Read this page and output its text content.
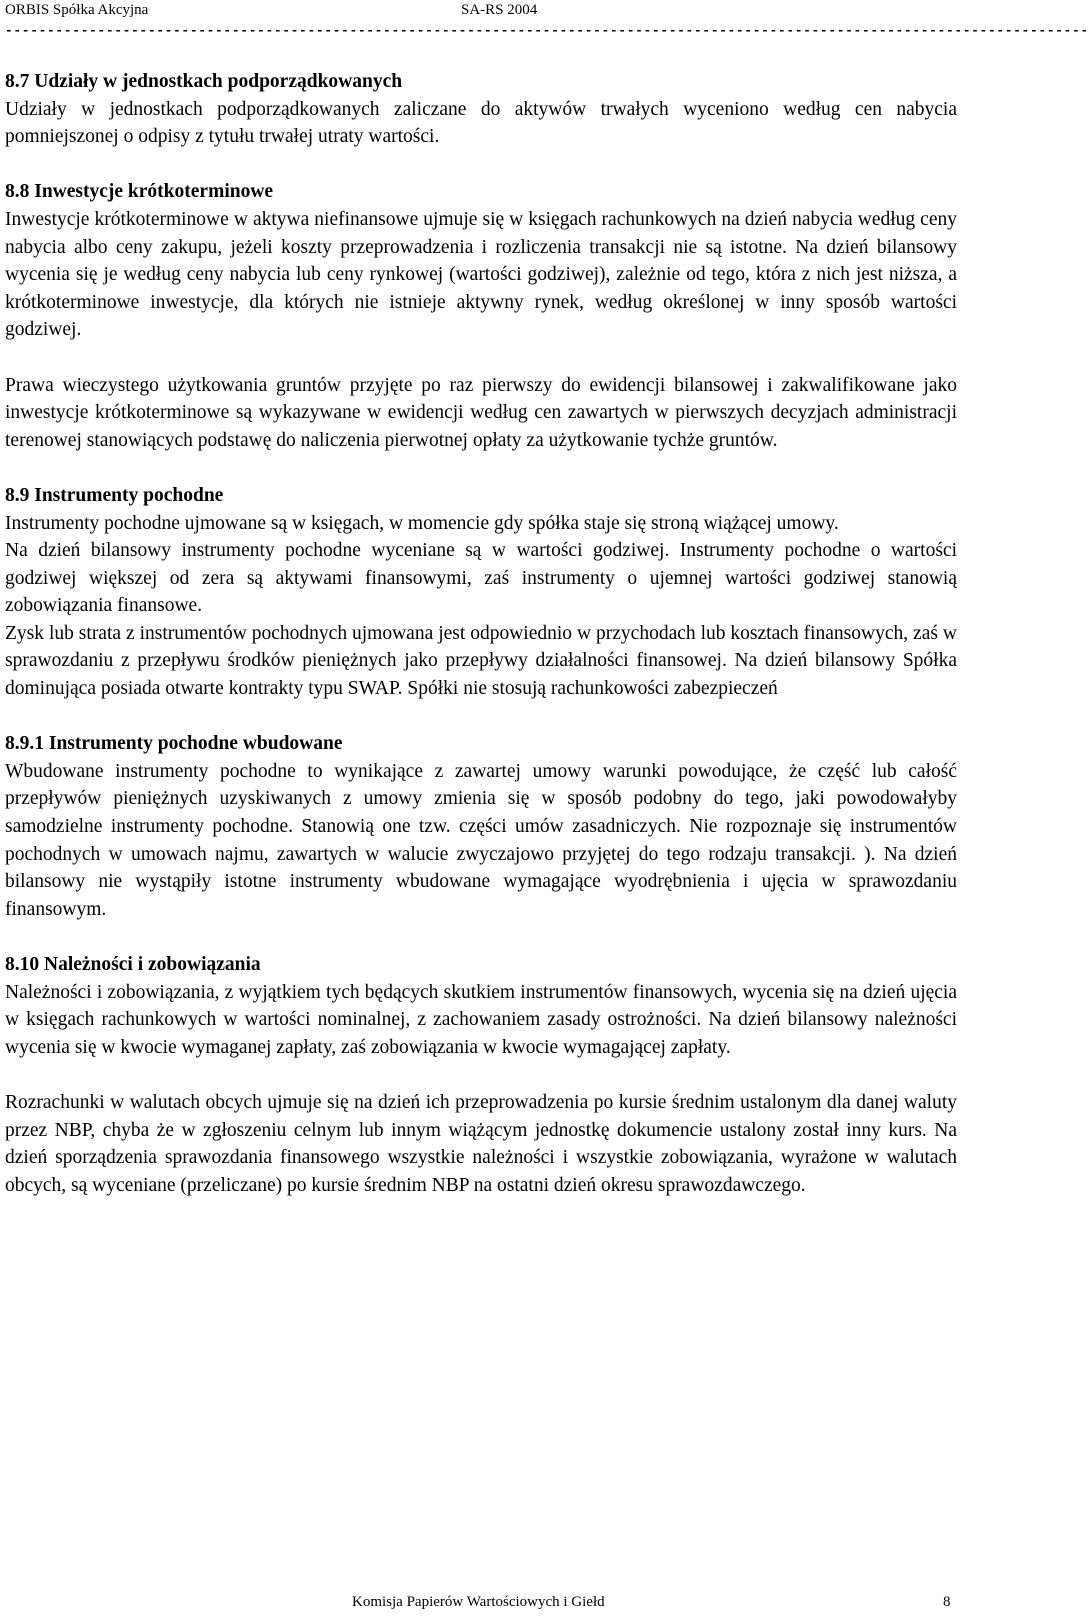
ORBIS Spółka Akcyjna	SA-RS 2004
---------------------------------------------------------------------------------------------------------------------------------
8.7 Udziały w jednostkach podporządkowanych

Udziały w jednostkach podporządkowanych zaliczane do aktywów trwałych wyceniono według cen nabycia pomniejszonej o odpisy z tytułu trwałej utraty wartości.

8.8 Inwestycje krótkoterminowe

Inwestycje krótkoterminowe w aktywa niefinansowe ujmuje się w księgach rachunkowych na dzień nabycia według ceny nabycia albo ceny zakupu, jeżeli koszty przeprowadzenia i rozliczenia transakcji nie są istotne. Na dzień bilansowy wycenia się je według ceny nabycia lub ceny rynkowej (wartości godziwej), zależnie od tego, która z nich jest niższa, a krótkoterminowe inwestycje, dla których nie istnieje aktywny rynek, według określonej w inny sposób wartości godziwej.

Prawa wieczystego użytkowania gruntów przyjęte po raz pierwszy do ewidencji bilansowej i zakwalifikowane jako inwestycje krótkoterminowe są wykazywane w ewidencji według cen zawartych w pierwszych decyzjach administracji terenowej stanowiących podstawę do naliczenia pierwotnej opłaty za użytkowanie tychże gruntów.

8.9 Instrumenty pochodne

Instrumenty pochodne ujmowane są w księgach, w momencie gdy spółka staje się stroną wiążącej umowy.

Na dzień bilansowy instrumenty pochodne wyceniane są w wartości godziwej. Instrumenty pochodne o wartości godziwej większej od zera są aktywami finansowymi, zaś instrumenty o ujemnej wartości godziwej stanowią zobowiązania finansowe.

Zysk lub strata z instrumentów pochodnych ujmowana jest odpowiednio w przychodach lub kosztach finansowych, zaś w sprawozdaniu z przepływu środków pieniężnych jako przepływy działalności finansowej. Na dzień bilansowy Spółka dominująca posiada otwarte kontrakty typu SWAP. Spółki nie stosują rachunkowości zabezpieczeń

8.9.1 Instrumenty pochodne wbudowane

Wbudowane instrumenty pochodne to wynikające z zawartej umowy warunki powodujące, że część lub całość przepływów pieniężnych uzyskiwanych z umowy zmienia się w sposób podobny do tego, jaki powodowałyby samodzielne instrumenty pochodne. Stanowią one tzw. części umów zasadniczych. Nie rozpoznaje się instrumentów pochodnych w umowach najmu, zawartych w walucie zwyczajowo przyjętej do tego rodzaju transakcji. ). Na dzień bilansowy nie wystąpiły istotne instrumenty wbudowane wymagające wyodrębnienia i ujęcia w sprawozdaniu finansowym.

8.10 Należności i zobowiązania

Należności i zobowiązania, z wyjątkiem tych będących skutkiem instrumentów finansowych, wycenia się na dzień ujęcia w księgach rachunkowych w wartości nominalnej, z zachowaniem zasady ostrożności. Na dzień bilansowy należności wycenia się w kwocie wymaganej zapłaty, zaś zobowiązania w kwocie wymagającej zapłaty.

Rozrachunki w walutach obcych ujmuje się na dzień ich przeprowadzenia po kursie średnim ustalonym dla danej waluty przez NBP, chyba że w zgłoszeniu celnym lub innym wiążącym jednostkę dokumencie ustalony został inny kurs. Na dzień sporządzenia sprawozdania finansowego wszystkie należności i wszystkie zobowiązania, wyrażone w walutach obcych, są wyceniane (przeliczane) po kursie średnim NBP na ostatni dzień okresu sprawozdawczego.

Komisja Papierów Wartościowych i Giełd	8
